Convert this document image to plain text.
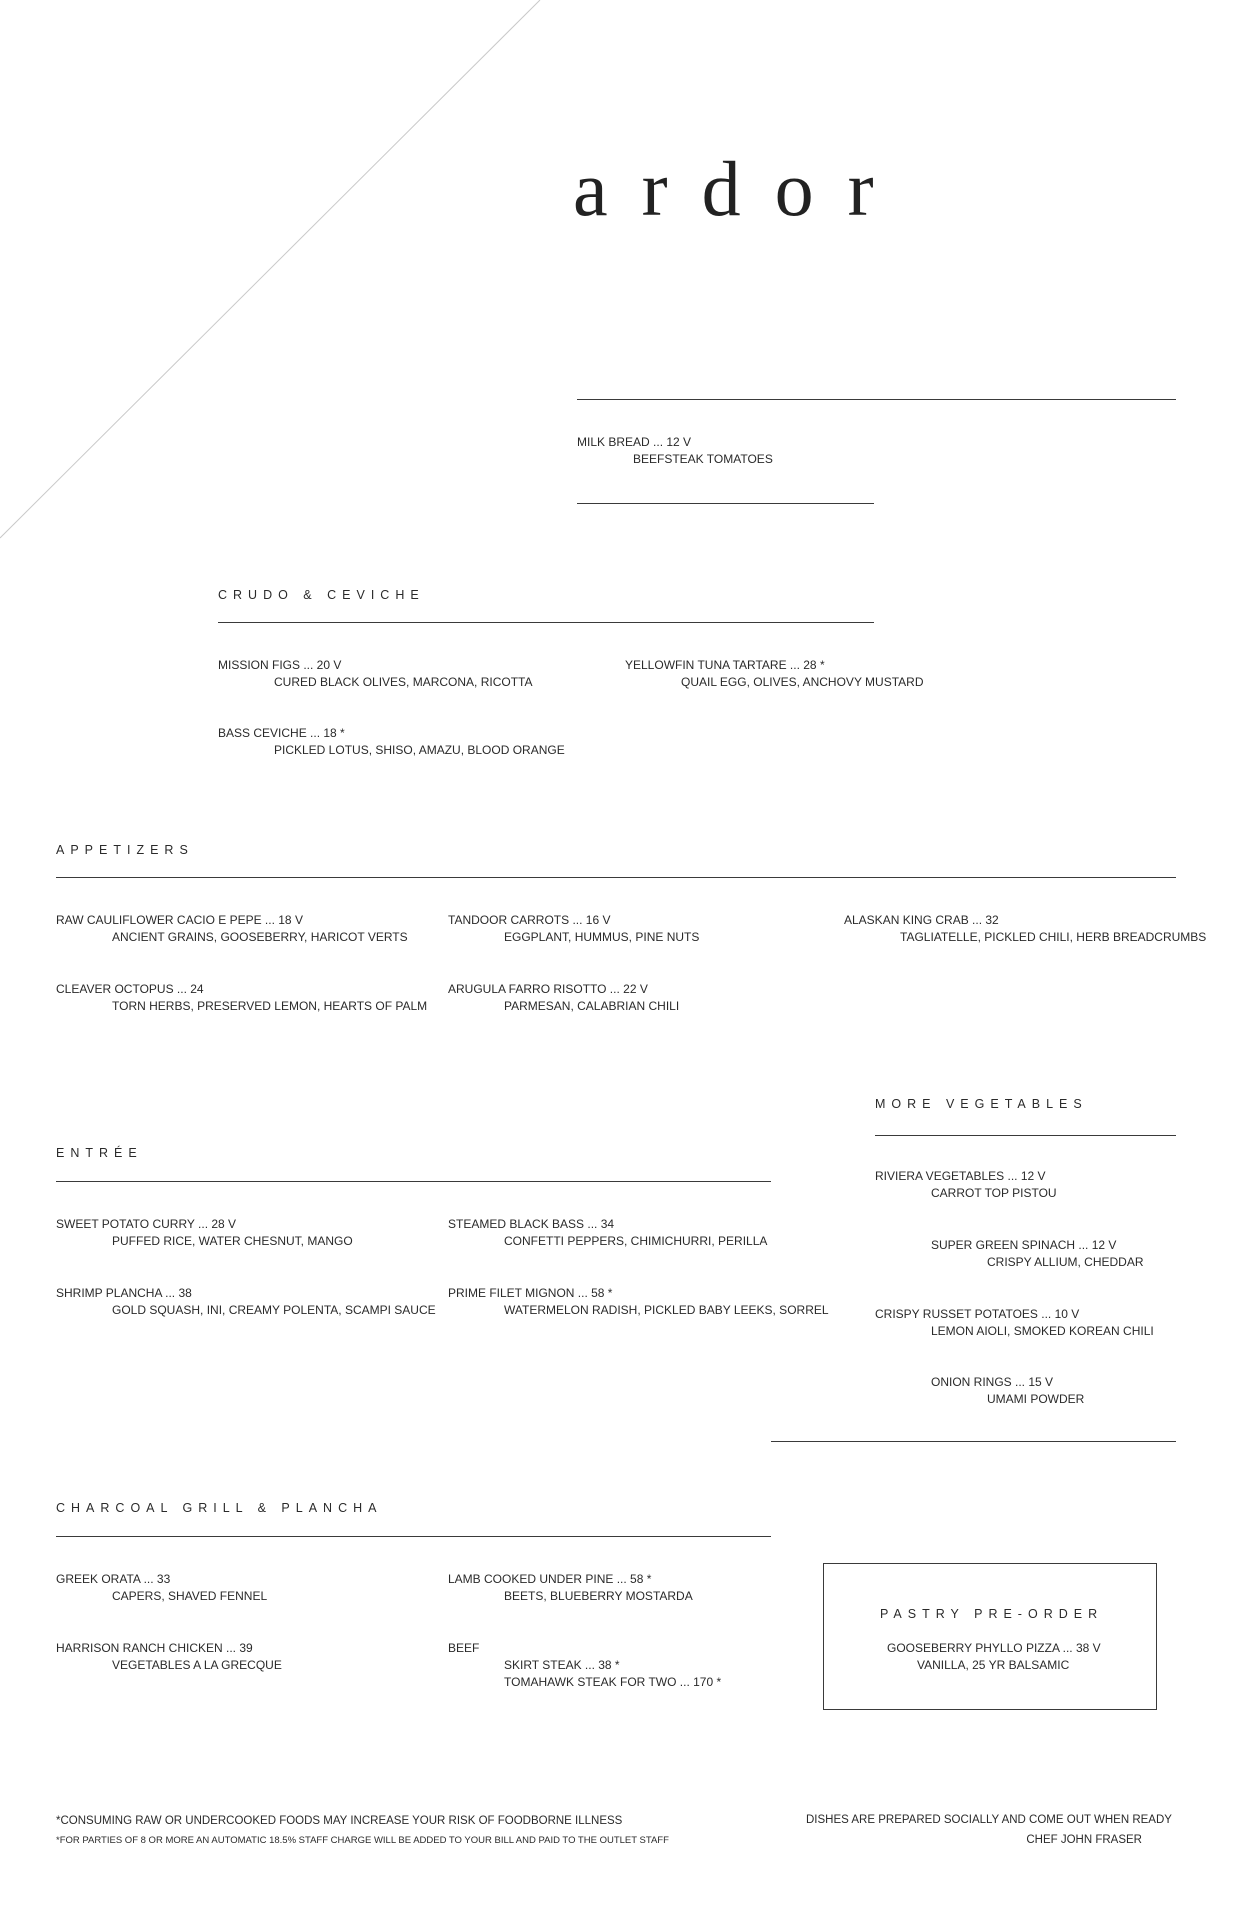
ardor
MILK BREAD ... 12 V
BEEFSTEAK TOMATOES
CRUDO & CEVICHE
MISSION FIGS ... 20 V
CURED BLACK OLIVES, MARCONA, RICOTTA
YELLOWFIN TUNA TARTARE ... 28 *
QUAIL EGG, OLIVES, ANCHOVY MUSTARD
BASS CEVICHE ... 18 *
PICKLED LOTUS, SHISO, AMAZU, BLOOD ORANGE
APPETIZERS
RAW CAULIFLOWER CACIO E PEPE ... 18 V
ANCIENT GRAINS, GOOSEBERRY, HARICOT VERTS
TANDOOR CARROTS ... 16 V
EGGPLANT, HUMMUS, PINE NUTS
ALASKAN KING CRAB ... 32
TAGLIATELLE, PICKLED CHILI, HERB BREADCRUMBS
CLEAVER OCTOPUS ... 24
TORN HERBS, PRESERVED LEMON, HEARTS OF PALM
ARUGULA FARRO RISOTTO ... 22 V
PARMESAN, CALABRIAN CHILI
MORE VEGETABLES
RIVIERA VEGETABLES ... 12 V
CARROT TOP PISTOU
SUPER GREEN SPINACH ... 12 V
CRISPY ALLIUM, CHEDDAR
CRISPY RUSSET POTATOES ... 10 V
LEMON AIOLI, SMOKED KOREAN CHILI
ONION RINGS ... 15 V
UMAMI POWDER
ENTRÉE
SWEET POTATO CURRY ... 28 V
PUFFED RICE, WATER CHESNUT, MANGO
STEAMED BLACK BASS ... 34
CONFETTI PEPPERS, CHIMICHURRI, PERILLA
SHRIMP PLANCHA ... 38
GOLD SQUASH, INI, CREAMY POLENTA, SCAMPI SAUCE
PRIME FILET MIGNON ... 58 *
WATERMELON RADISH, PICKLED BABY LEEKS, SORREL
CHARCOAL GRILL & PLANCHA
GREEK ORATA ... 33
CAPERS, SHAVED FENNEL
LAMB COOKED UNDER PINE ... 58 *
BEETS, BLUEBERRY MOSTARDA
HARRISON RANCH CHICKEN ... 39
VEGETABLES A LA GRECQUE
BEEF
SKIRT STEAK ... 38 *
TOMAHAWK STEAK FOR TWO ... 170 *
PASTRY PRE-ORDER
GOOSEBERRY PHYLLO PIZZA ... 38 V
VANILLA, 25 YR BALSAMIC
*CONSUMING RAW OR UNDERCOOKED FOODS MAY INCREASE YOUR RISK OF FOODBORNE ILLNESS
*FOR PARTIES OF 8 OR MORE AN AUTOMATIC 18.5% STAFF CHARGE WILL BE ADDED TO YOUR BILL AND PAID TO THE OUTLET STAFF
DISHES ARE PREPARED SOCIALLY AND COME OUT WHEN READY
CHEF JOHN FRASER
